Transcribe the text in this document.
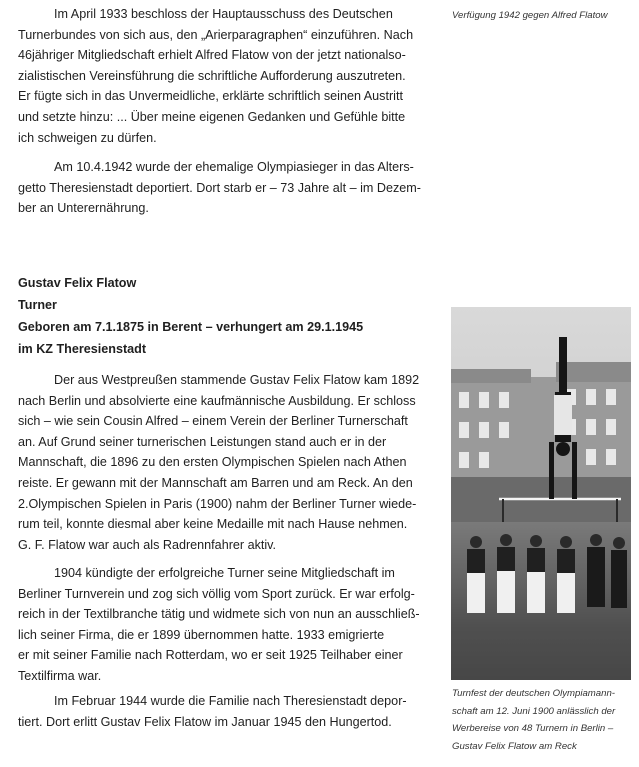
Im April 1933 beschloss der Hauptausschuss des Deutschen
Turnerbundes von sich aus, den „Arierparagraphen“ einzuführen. Nach
46jähriger Mitgliedschaft erhielt Alfred Flatow von der jetzt nationalso-
zialistischen Vereinsführung die schriftliche Aufforderung auszutreten.
Er fügte sich in das Unvermeidliche, erklärte schriftlich seinen Austritt
und setzte hinzu: ... Über meine eigenen Gedanken und Gefühle bitte
ich schweigen zu dürfen.
Verfügung 1942 gegen Alfred Flatow
Am 10.4.1942 wurde der ehemalige Olympiasieger in das Alters-
getto Theresienstadt deportiert. Dort starb er – 73 Jahre alt – im Dezem-
ber an Unterernährung.
Gustav Felix Flatow
Turner
Geboren am 7.1.1875 in Berent – verhungert am 29.1.1945
im KZ Theresienstadt
Der aus Westpreußen stammende Gustav Felix Flatow kam 1892
nach Berlin und absolvierte eine kaufmännische Ausbildung. Er schloss
sich – wie sein Cousin Alfred – einem Verein der Berliner Turnerschaft
an. Auf Grund seiner turnerischen Leistungen stand auch er in der
Mannschaft, die 1896 zu den ersten Olympischen Spielen nach Athen
reiste. Er gewann mit der Mannschaft am Barren und am Reck. An den
2.Olympischen Spielen in Paris (1900) nahm der Berliner Turner wiede-
rum teil, konnte diesmal aber keine Medaille mit nach Hause nehmen.
G. F. Flatow war auch als Radrennfahrer aktiv.
1904 kündigte der erfolgreiche Turner seine Mitgliedschaft im
Berliner Turnverein und zog sich völlig vom Sport zurück. Er war erfolg-
reich in der Textilbranche tätig und widmete sich von nun an ausschließ-
lich seiner Firma, die er 1899 übernommen hatte. 1933 emigrierte
er mit seiner Familie nach Rotterdam, wo er seit 1925 Teilhaber einer
Textilfirma war.
Im Februar 1944 wurde die Familie nach Theresienstadt depor-
tiert. Dort erlitt Gustav Felix Flatow im Januar 1945 den Hungertod.
Turnfest der deutschen Olympiamann-
schaft am 12. Juni 1900 anlässlich der
Werbereise von 48 Turnern in Berlin –
Gustav Felix Flatow am Reck
